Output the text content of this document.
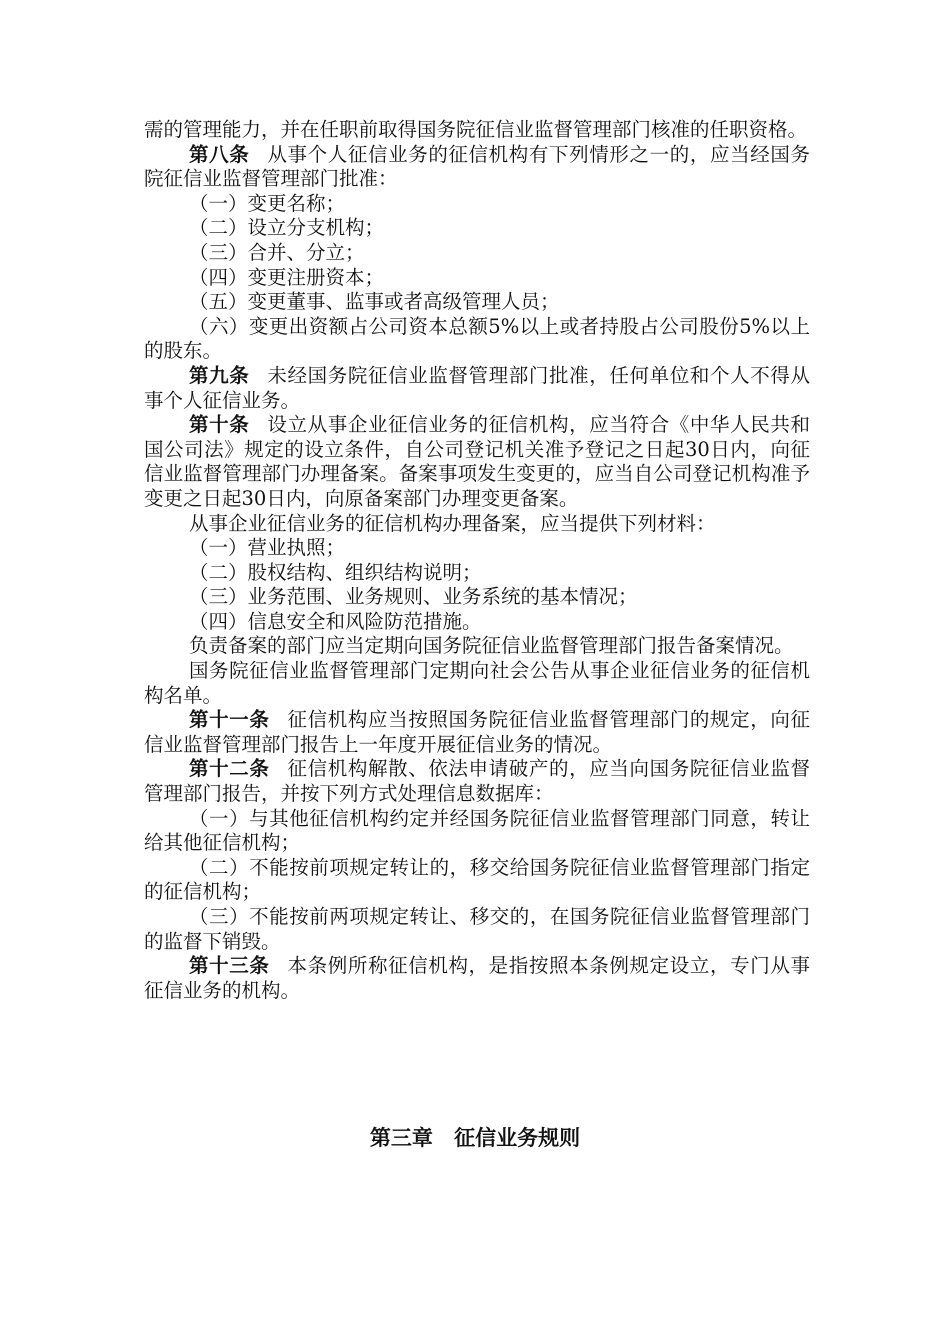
需的管理能力，并在任职前取得国务院征信业监督管理部门核准的任职资格。

第八条 从事个人征信业务的征信机构有下列情形之一的，应当经国务院征信业监督管理部门批准：

（一）变更名称；

（二）设立分支机构；

（三）合并、分立；

（四）变更注册资本；

（五）变更董事、监事或者高级管理人员；

（六）变更出资额占公司资本总额5%以上或者持股占公司股份5%以上的股东。

第九条 未经国务院征信业监督管理部门批准，任何单位和个人不得从事个人征信业务。

第十条 设立从事企业征信业务的征信机构，应当符合《中华人民共和国公司法》规定的设立条件，自公司登记机关准予登记之日起30日内，向征信业监督管理部门办理备案。备案事项发生变更的，应当自公司登记机构准予变更之日起30日内，向原备案部门办理变更备案。

从事企业征信业务的征信机构办理备案，应当提供下列材料：

（一）营业执照；

（二）股权结构、组织结构说明；

（三）业务范围、业务规则、业务系统的基本情况；

（四）信息安全和风险防范措施。

负责备案的部门应当定期向国务院征信业监督管理部门报告备案情况。

国务院征信业监督管理部门定期向社会公告从事企业征信业务的征信机构名单。

第十一条 征信机构应当按照国务院征信业监督管理部门的规定，向征信业监督管理部门报告上一年度开展征信业务的情况。

第十二条 征信机构解散、依法申请破产的，应当向国务院征信业监督管理部门报告，并按下列方式处理信息数据库：

（一）与其他征信机构约定并经国务院征信业监督管理部门同意，转让给其他征信机构；

（二）不能按前项规定转让的，移交给国务院征信业监督管理部门指定的征信机构；

（三）不能按前两项规定转让、移交的，在国务院征信业监督管理部门的监督下销毁。

第十三条 本条例所称征信机构，是指按照本条例规定设立，专门从事征信业务的机构。

第三章 征信业务规则
